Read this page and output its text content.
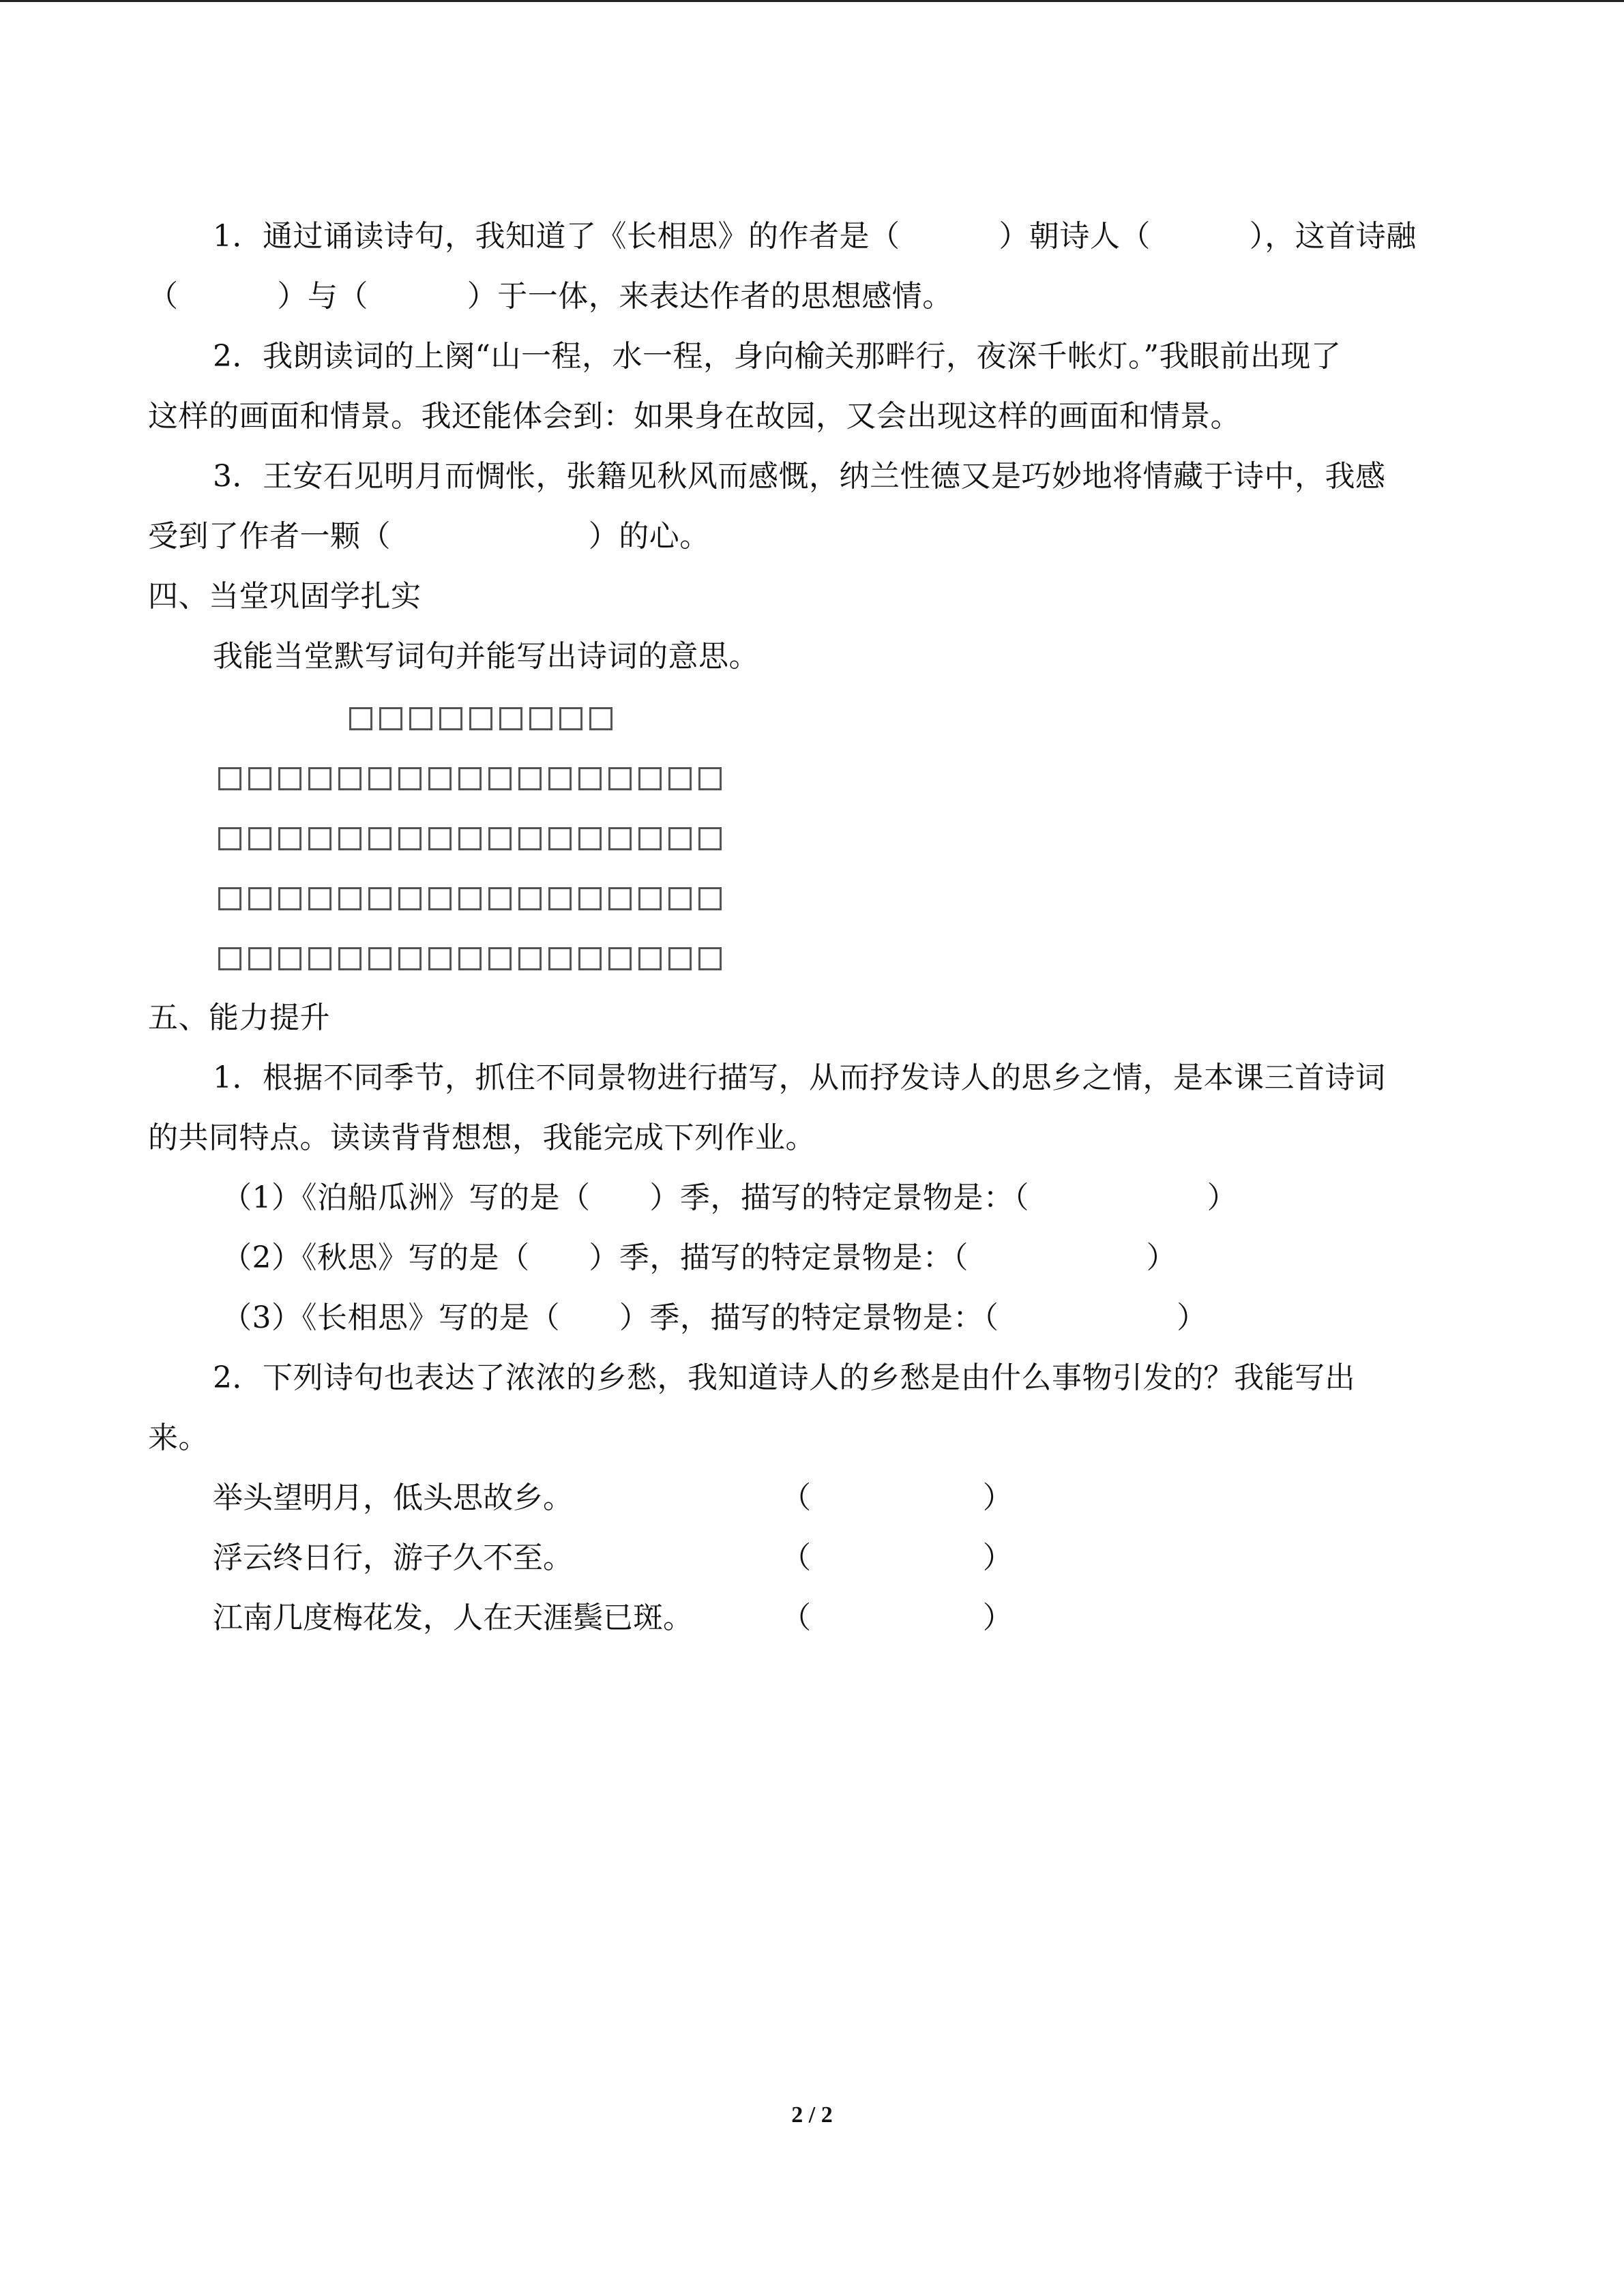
1．通过诵读诗句，我知道了《长相思》的作者是（          ）朝诗人（          ），这首诗融
（          ）与（          ）于一体，来表达作者的思想感情。
2．我朗读词的上阕“山一程，水一程，身向榆关那畔行，夜深千帐灯。”我眼前出现了
这样的画面和情景。我还能体会到：如果身在故园，又会出现这样的画面和情景。
3．王安石见明月而惆怅，张籍见秋风而感慨，纳兰性德又是巧妙地将情藏于诗中，我感
受到了作者一颗（                    ）的心。
四、当堂巩固学扎实
我能当堂默写词句并能写出诗词的意思。
五、能力提升
1．根据不同季节，抓住不同景物进行描写，从而抒发诗人的思乡之情，是本课三首诗词
的共同特点。读读背背想想，我能完成下列作业。
（1）《泊船瓜洲》写的是（      ）季，描写的特定景物是：（                  ）
（2）《秋思》写的是（      ）季，描写的特定景物是：（                  ）
（3）《长相思》写的是（      ）季，描写的特定景物是：（                  ）
2．下列诗句也表达了浓浓的乡愁，我知道诗人的乡愁是由什么事物引发的？我能写出
来。
举头望明月，低头思故乡。	（                  ）
浮云终日行，游子久不至。	（                  ）
江南几度梅花发，人在天涯鬓已斑。	（                  ）
2 / 2
